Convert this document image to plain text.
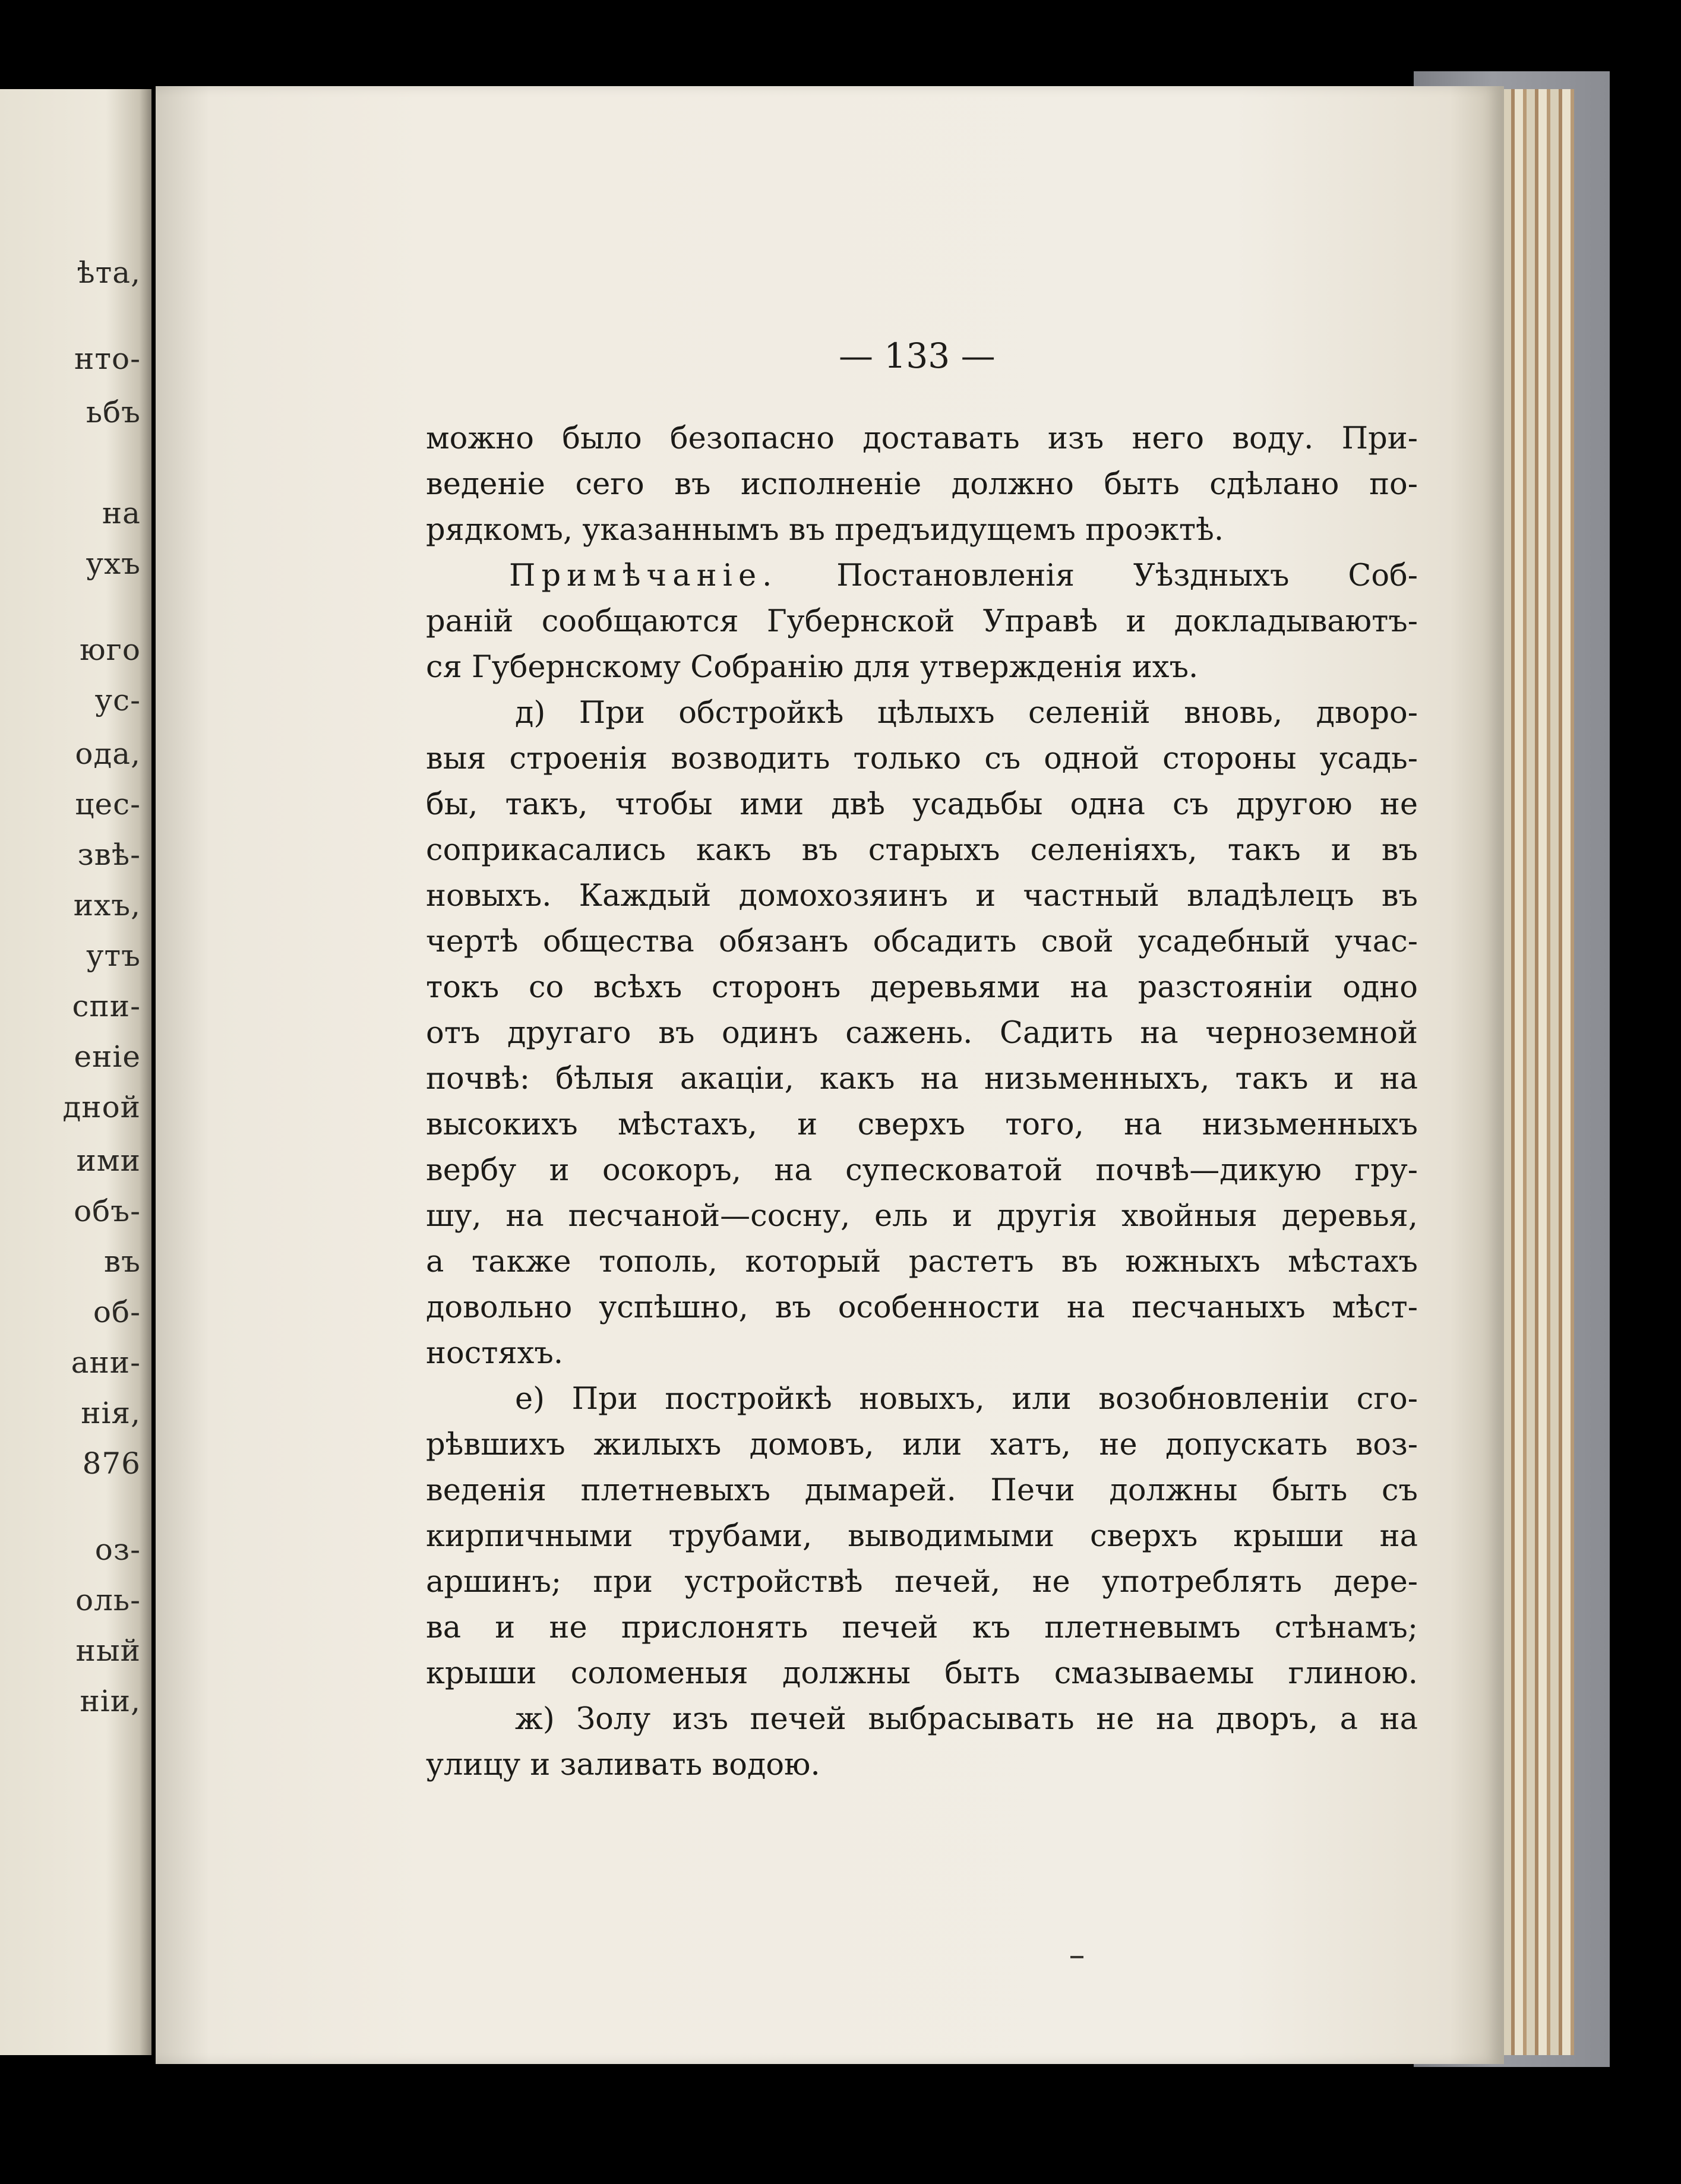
ѣта,
нто-
ьбъ
на
ухъ
юго
ус-
ода,
цес-
звѣ-
ихъ,
утъ
спи-
еніе
дной
ими
объ-
въ
об-
ани-
нія,
876
оз-
оль-
ный
ніи,
— 133 —

можно было безопасно доставать изъ него воду. При-
веденіе сего въ исполненіе должно быть сдѣлано по-
рядкомъ, указаннымъ въ предъидущемъ проэктѣ.
Примѣчаніе. Постановленія Уѣздныхъ Соб-
раній сообщаются Губернской Управѣ и докладываютъ-
ся Губернскому Собранію для утвержденія ихъ.
д) При обстройкѣ цѣлыхъ селеній вновь, дворо-
выя строенія возводить только съ одной стороны усадь-
бы, такъ, чтобы ими двѣ усадьбы одна съ другою не
соприкасались какъ въ старыхъ селеніяхъ, такъ и въ
новыхъ. Каждый домохозяинъ и частный владѣлецъ въ
чертѣ общества обязанъ обсадить свой усадебный учас-
токъ со всѣхъ сторонъ деревьями на разстояніи одно
отъ другаго въ одинъ сажень. Садить на черноземной
почвѣ: бѣлыя акаціи, какъ на низьменныхъ, такъ и на
высокихъ мѣстахъ, и сверхъ того, на низьменныхъ
вербу и осокоръ, на супесковатой почвѣ—дикую гру-
шу, на песчаной—сосну, ель и другія хвойныя деревья,
а также тополь, который растетъ въ южныхъ мѣстахъ
довольно успѣшно, въ особенности на песчаныхъ мѣст-
ностяхъ.
е) При постройкѣ новыхъ, или возобновленіи сго-
рѣвшихъ жилыхъ домовъ, или хатъ, не допускать воз-
веденія плетневыхъ дымарей. Печи должны быть съ
кирпичными трубами, выводимыми сверхъ крыши на
аршинъ; при устройствѣ печей, не употреблять дере-
ва и не прислонять печей къ плетневымъ стѣнамъ;
крыши соломеныя должны быть смазываемы глиною.
ж) Золу изъ печей выбрасывать не на дворъ, а на
улицу и заливать водою.
